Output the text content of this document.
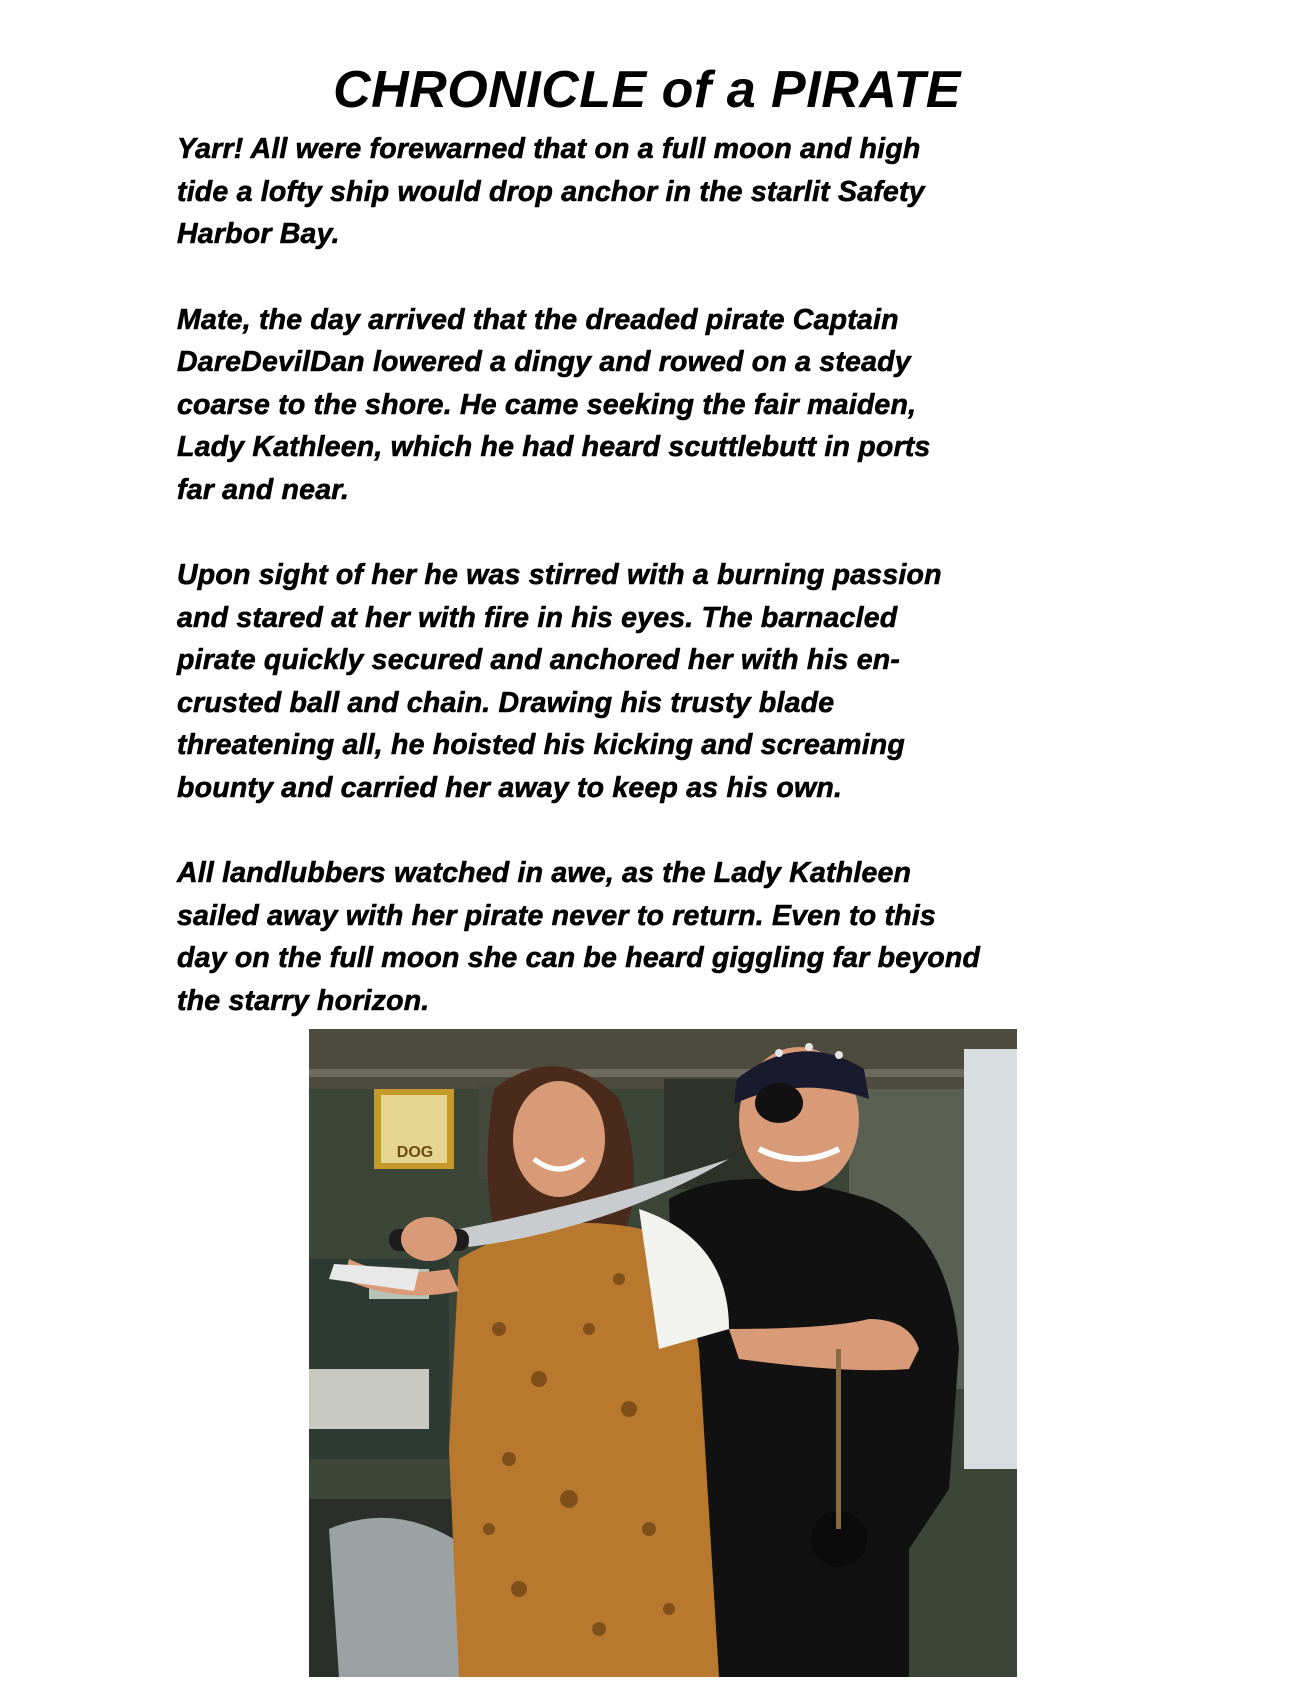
CHRONICLE of a PIRATE

Yarr! All were forewarned that on a full moon and high
tide a lofty ship would drop anchor in the starlit Safety
Harbor Bay.

Mate, the day arrived that the dreaded pirate Captain
DareDevilDan lowered a dingy and rowed on a steady
coarse to the shore. He came seeking the fair maiden,
Lady Kathleen, which he had heard scuttlebutt in ports
far and near.

Upon sight of her he was stirred with a burning passion
and stared at her with fire in his eyes. The barnacled
pirate quickly secured and anchored her with his en-
crusted ball and chain. Drawing his trusty blade
threatening all, he hoisted his kicking and screaming
bounty and carried her away to keep as his own.

All landlubbers watched in awe, as the Lady Kathleen
sailed away with her pirate never to return. Even to this
day on the full moon she can be heard giggling far beyond
the starry horizon.

DOG
